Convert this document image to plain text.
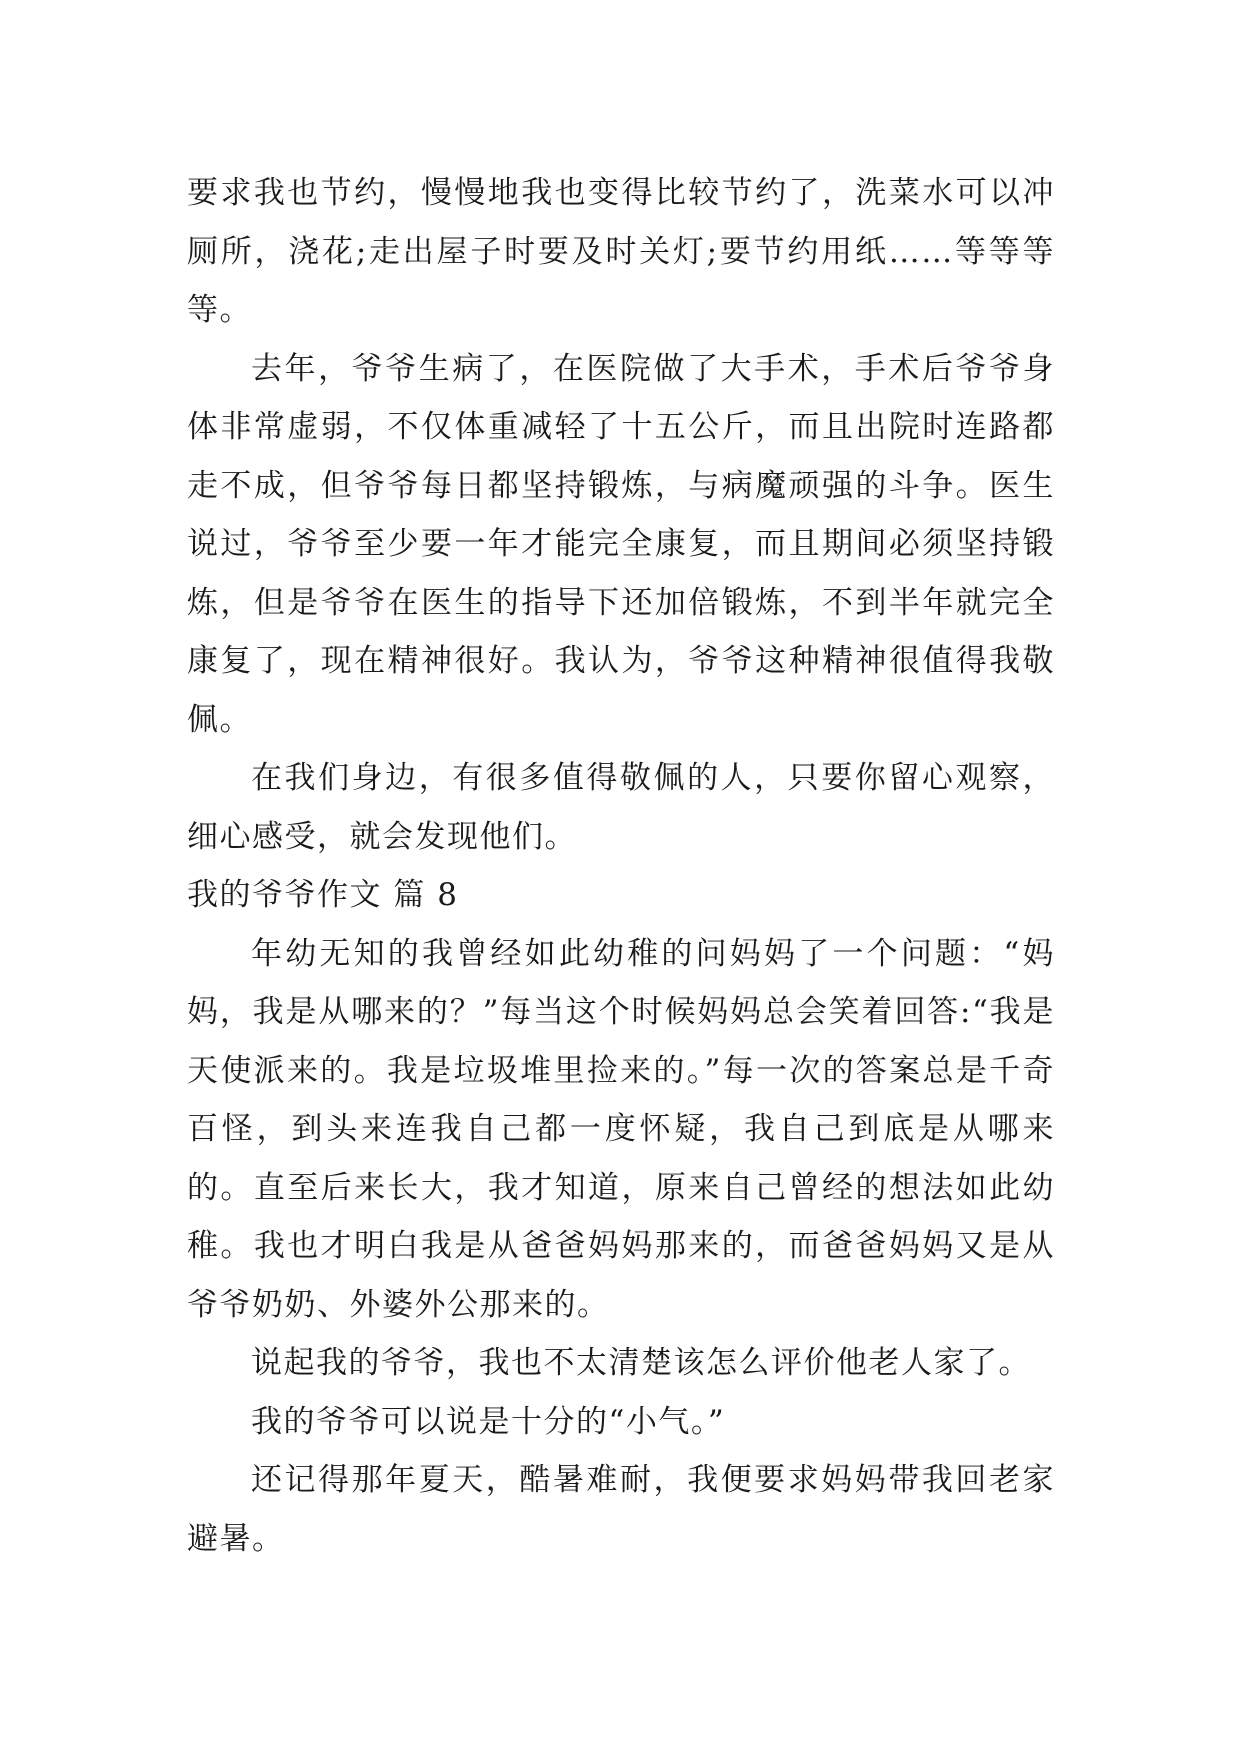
要求我也节约，慢慢地我也变得比较节约了，洗菜水可以冲厕所，浇花;走出屋子时要及时关灯;要节约用纸……等等等等。

去年，爷爷生病了，在医院做了大手术，手术后爷爷身体非常虚弱，不仅体重减轻了十五公斤，而且出院时连路都走不成，但爷爷每日都坚持锻炼，与病魔顽强的斗争。医生说过，爷爷至少要一年才能完全康复，而且期间必须坚持锻炼，但是爷爷在医生的指导下还加倍锻炼，不到半年就完全康复了，现在精神很好。我认为，爷爷这种精神很值得我敬佩。

在我们身边，有很多值得敬佩的人，只要你留心观察，细心感受，就会发现他们。

我的爷爷作文 篇 8

年幼无知的我曾经如此幼稚的问妈妈了一个问题：“妈妈，我是从哪来的？”每当这个时候妈妈总会笑着回答:“我是天使派来的。我是垃圾堆里捡来的。”每一次的答案总是千奇百怪，到头来连我自己都一度怀疑，我自己到底是从哪来的。直至后来长大，我才知道，原来自己曾经的想法如此幼稚。我也才明白我是从爸爸妈妈那来的，而爸爸妈妈又是从爷爷奶奶、外婆外公那来的。

说起我的爷爷，我也不太清楚该怎么评价他老人家了。

我的爷爷可以说是十分的“小气。”

还记得那年夏天，酷暑难耐，我便要求妈妈带我回老家避暑。
